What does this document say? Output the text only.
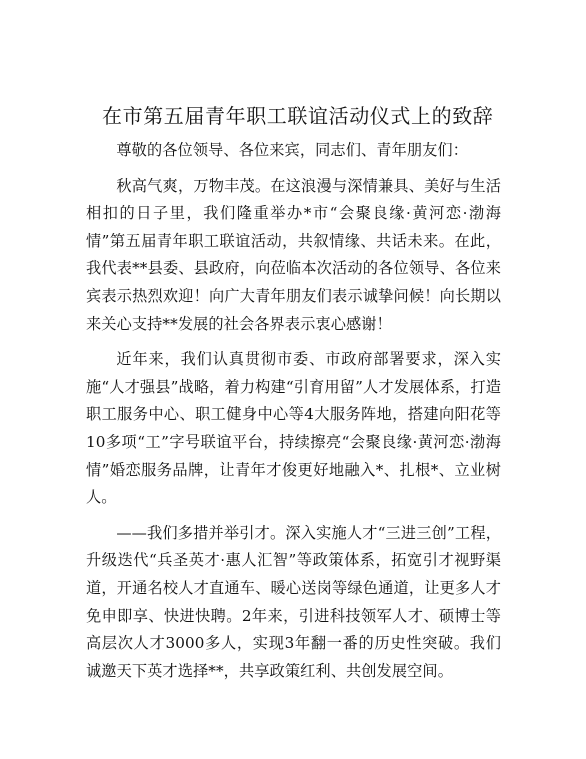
在市第五届青年职工联谊活动仪式上的致辞

尊敬的各位领导、各位来宾，同志们、青年朋友们：

秋高气爽，万物丰茂。在这浪漫与深情兼具、美好与生活相扣的日子里，我们隆重举办*市“会聚良缘·黄河恋·渤海情”第五届青年职工联谊活动，共叙情缘、共话未来。在此，我代表**县委、县政府，向莅临本次活动的各位领导、各位来宾表示热烈欢迎！向广大青年朋友们表示诚挚问候！向长期以来关心支持**发展的社会各界表示衷心感谢！

近年来，我们认真贯彻市委、市政府部署要求，深入实施“人才强县”战略，着力构建“引育用留”人才发展体系，打造职工服务中心、职工健身中心等4大服务阵地，搭建向阳花等10多项“工”字号联谊平台，持续擦亮“会聚良缘·黄河恋·渤海情”婚恋服务品牌，让青年才俊更好地融入*、扎根*、立业树人。

——我们多措并举引才。深入实施人才“三进三创”工程，升级迭代“兵圣英才·惠人汇智”等政策体系，拓宽引才视野渠道，开通名校人才直通车、暖心送岗等绿色通道，让更多人才免申即享、快进快聘。2年来，引进科技领军人才、硕博士等高层次人才3000多人，实现3年翻一番的历史性突破。我们诚邀天下英才选择**，共享政策红利、共创发展空间。
